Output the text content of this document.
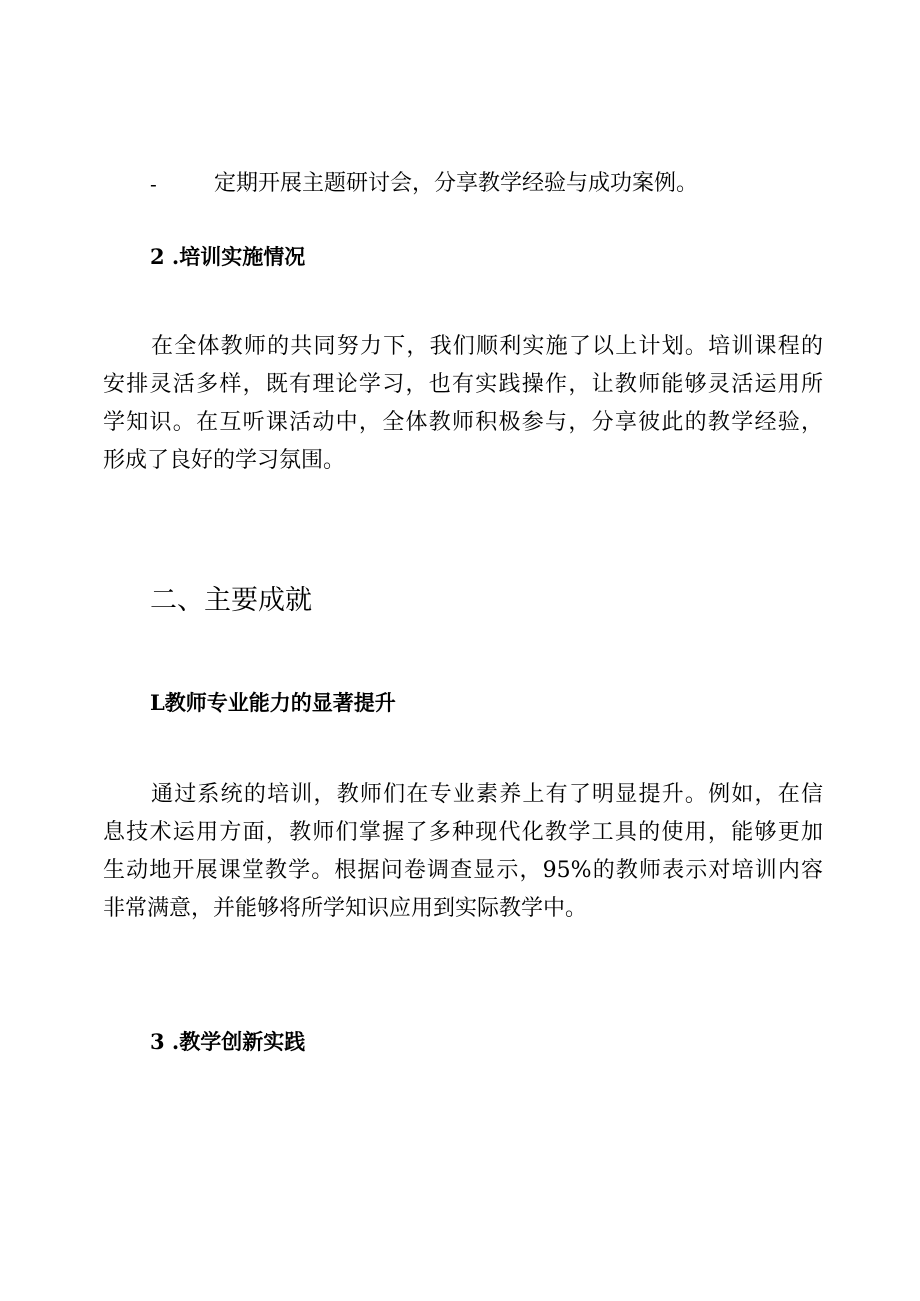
-	定期开展主题研讨会，分享教学经验与成功案例。
2 .培训实施情况
在全体教师的共同努力下，我们顺利实施了以上计划。培训课程的
安排灵活多样，既有理论学习，也有实践操作，让教师能够灵活运用所
学知识。在互听课活动中，全体教师积极参与，分享彼此的教学经验，
形成了良好的学习氛围。
二、主要成就
L教师专业能力的显著提升
通过系统的培训，教师们在专业素养上有了明显提升。例如，在信
息技术运用方面，教师们掌握了多种现代化教学工具的使用，能够更加
生动地开展课堂教学。根据问卷调查显示，95%的教师表示对培训内容
非常满意，并能够将所学知识应用到实际教学中。
3 .教学创新实践
